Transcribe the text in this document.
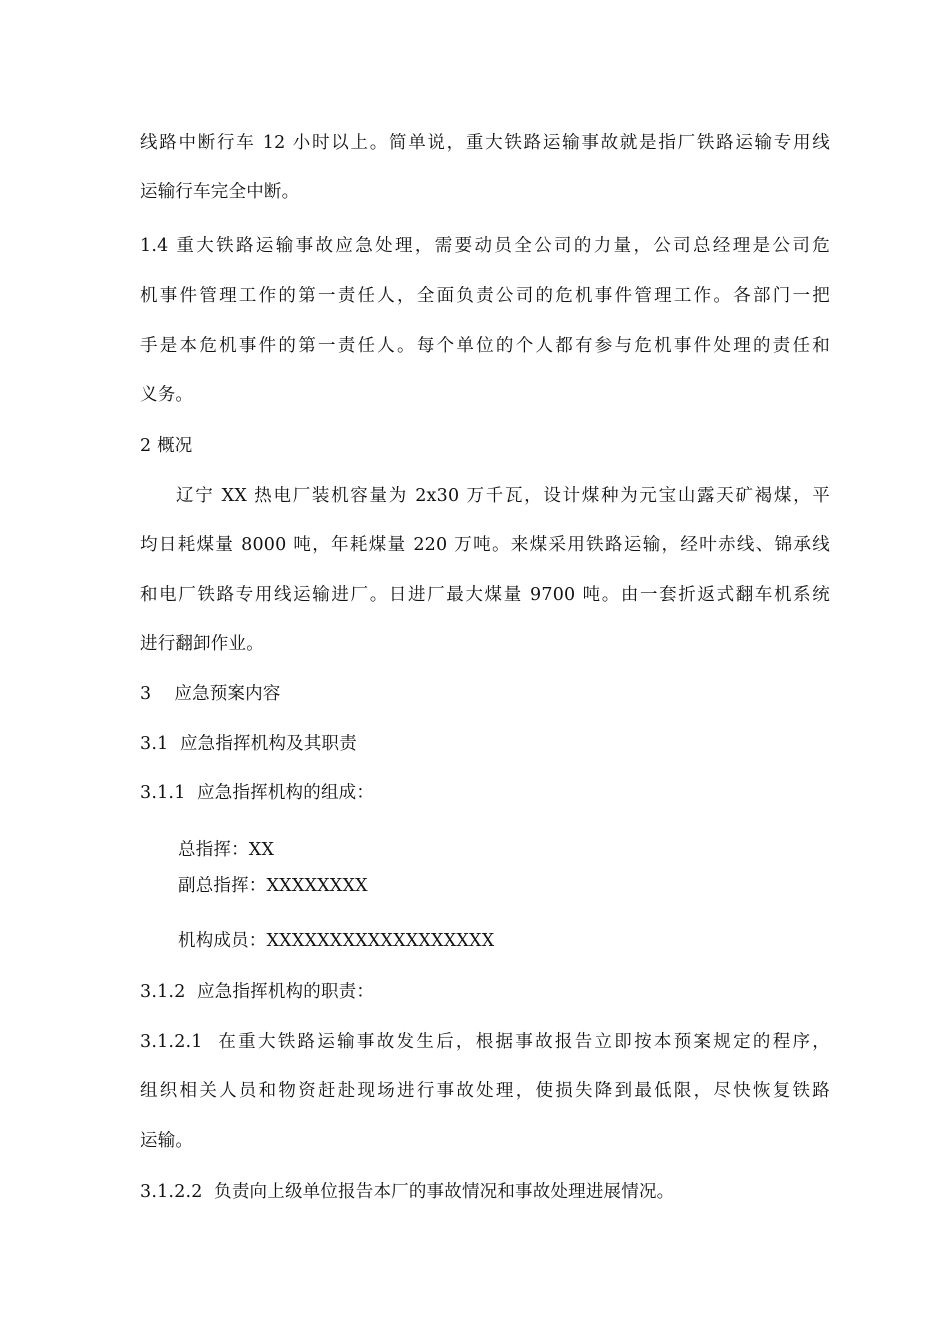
线路中断行车 12 小时以上。简单说，重大铁路运输事故就是指厂铁路运输专用线
运输行车完全中断。
1.4 重大铁路运输事故应急处理，需要动员全公司的力量，公司总经理是公司危
机事件管理工作的第一责任人，全面负责公司的危机事件管理工作。各部门一把
手是本危机事件的第一责任人。每个单位的个人都有参与危机事件处理的责任和
义务。
2 概况
辽宁 XX 热电厂装机容量为 2x30 万千瓦，设计煤种为元宝山露天矿褐煤，平
均日耗煤量 8000 吨，年耗煤量 220 万吨。来煤采用铁路运输，经叶赤线、锦承线
和电厂铁路专用线运输进厂。日进厂最大煤量 9700 吨。由一套折返式翻车机系统
进行翻卸作业。
3    应急预案内容
3.1  应急指挥机构及其职责
3.1.1  应急指挥机构的组成：
总指挥：XX
副总指挥：XXXXXXXX
机构成员：XXXXXXXXXXXXXXXXXX
3.1.2  应急指挥机构的职责：
3.1.2.1  在重大铁路运输事故发生后，根据事故报告立即按本预案规定的程序，
组织相关人员和物资赶赴现场进行事故处理，使损失降到最低限，尽快恢复铁路
运输。
3.1.2.2  负责向上级单位报告本厂的事故情况和事故处理进展情况。
